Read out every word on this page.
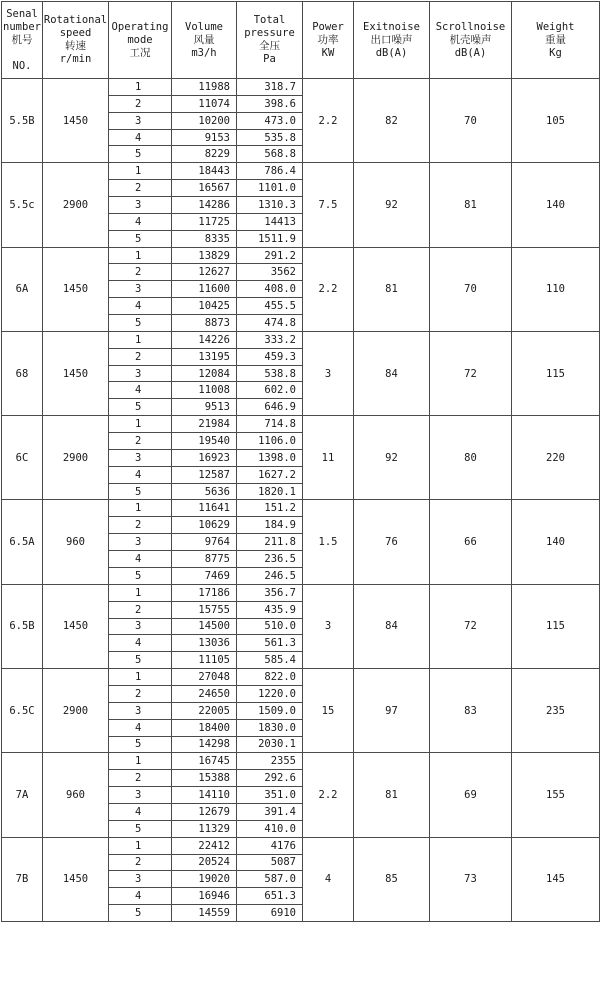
Senal
number
机号

NO.	Rotational
speed
转速
r/min	Operating
mode
工况	Volume
风量
m3/h	Total
pressure
全压
Pa	Power
功率
KW	Exitnoise
出口噪声
dB(A)	Scrollnoise
机壳噪声
dB(A)	Weight
重量
Kg

5.5B	1450	1	11988	318.7	2.2	82	70	105
		2	11074	398.6				
		3	10200	473.0				
		4	9153	535.8				
		5	8229	568.8				
5.5c	2900	1	18443	786.4	7.5	92	81	140
		2	16567	1101.0				
		3	14286	1310.3				
		4	11725	14413				
		5	8335	1511.9				
6A	1450	1	13829	291.2	2.2	81	70	110
		2	12627	3562				
		3	11600	408.0				
		4	10425	455.5				
		5	8873	474.8				
68	1450	1	14226	333.2	3	84	72	115
		2	13195	459.3				
		3	12084	538.8				
		4	11008	602.0				
		5	9513	646.9				
6C	2900	1	21984	714.8	11	92	80	220
		2	19540	1106.0				
		3	16923	1398.0				
		4	12587	1627.2				
		5	5636	1820.1				
6.5A	960	1	11641	151.2	1.5	76	66	140
		2	10629	184.9				
		3	9764	211.8				
		4	8775	236.5				
		5	7469	246.5				
6.5B	1450	1	17186	356.7	3	84	72	115
		2	15755	435.9				
		3	14500	510.0				
		4	13036	561.3				
		5	11105	585.4				
6.5C	2900	1	27048	822.0	15	97	83	235
		2	24650	1220.0				
		3	22005	1509.0				
		4	18400	1830.0				
		5	14298	2030.1				
7A	960	1	16745	2355	2.2	81	69	155
		2	15388	292.6				
		3	14110	351.0				
		4	12679	391.4				
		5	11329	410.0				
7B	1450	1	22412	4176	4	85	73	145
		2	20524	5087				
		3	19020	587.0				
		4	16946	651.3				
		5	14559	6910				
